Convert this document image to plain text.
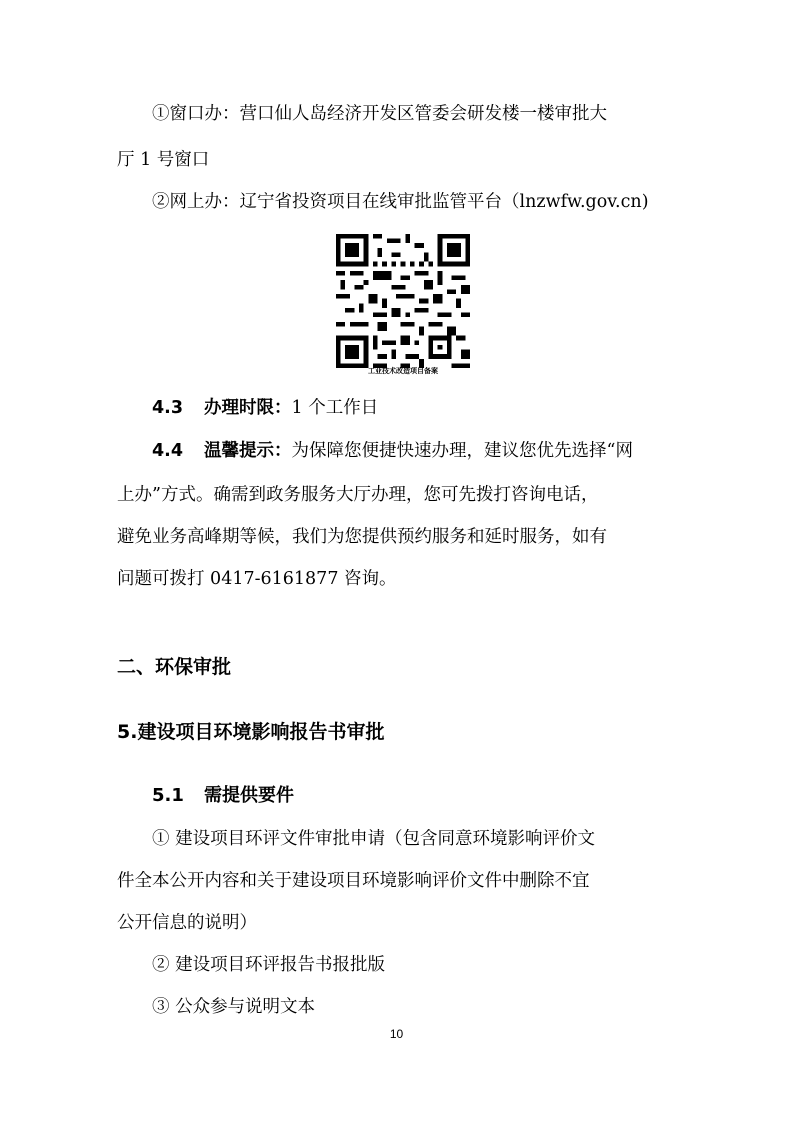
①窗口办：营口仙人岛经济开发区管委会研发楼一楼审批大
厅 1 号窗口
②网上办：辽宁省投资项目在线审批监管平台（lnzwfw.gov.cn)
工业技术改造项目备案
4.3 办理时限：1 个工作日
4.4 温馨提示：为保障您便捷快速办理，建议您优先选择“网
上办”方式。确需到政务服务大厅办理，您可先拨打咨询电话，
避免业务高峰期等候，我们为您提供预约服务和延时服务，如有
问题可拨打 0417-6161877 咨询。
二、环保审批
5.建设项目环境影响报告书审批
5.1 需提供要件
① 建设项目环评文件审批申请（包含同意环境影响评价文
件全本公开内容和关于建设项目环境影响评价文件中删除不宜
公开信息的说明）
② 建设项目环评报告书报批版
③ 公众参与说明文本
10
